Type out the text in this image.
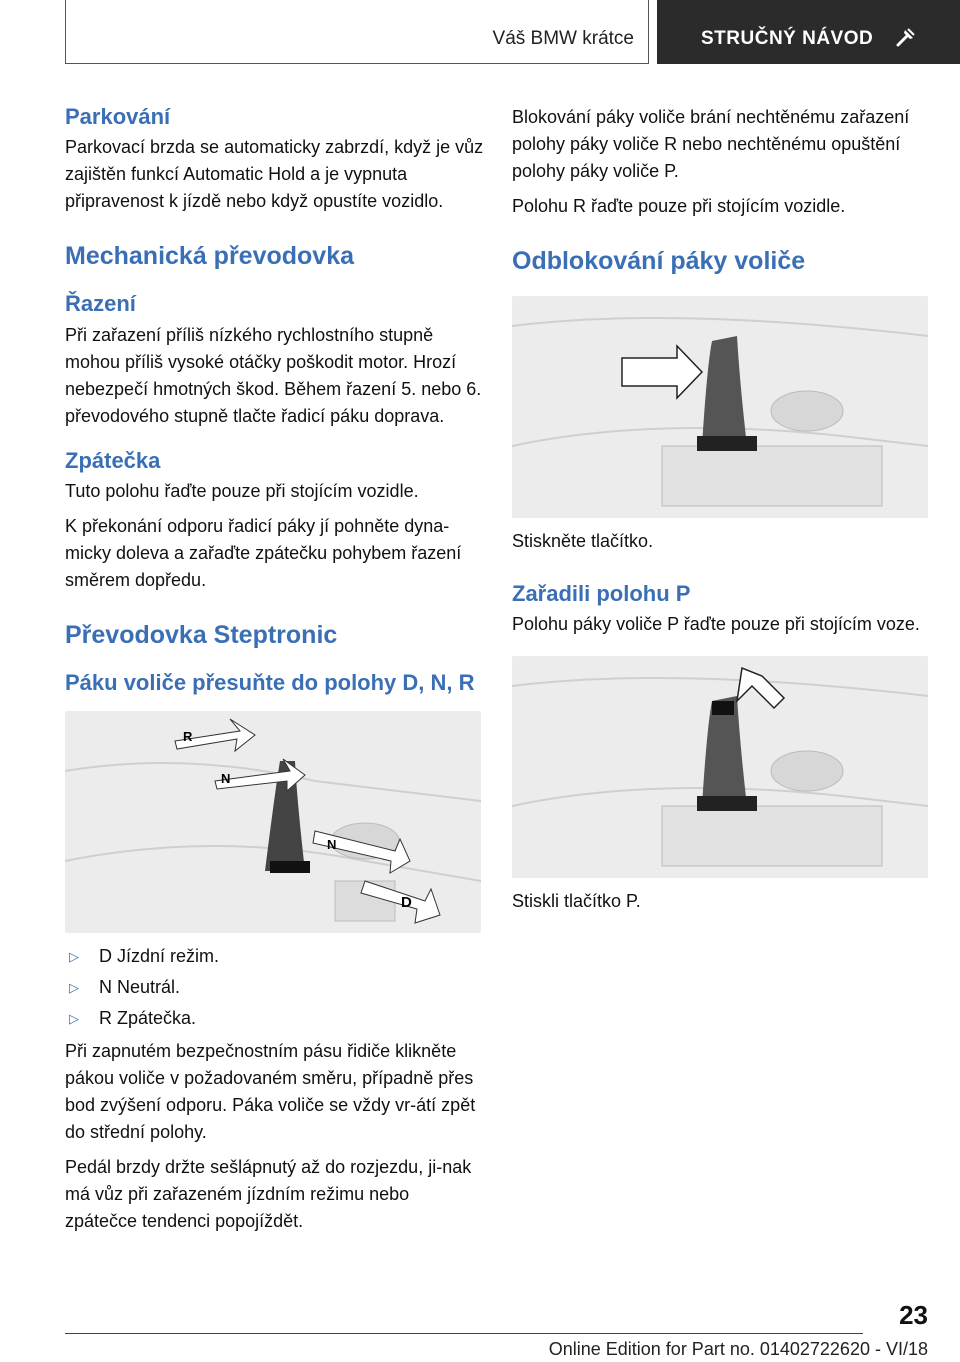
Váš BMW krátce	STRUČNÝ NÁVOD
Parkování

Parkovací brzda se automaticky zabrzdí, když je vůz zajištěn funkcí Automatic Hold a je vypnuta připravenost k jízdě nebo když opustíte vozidlo.

Mechanická převodovka
Řazení

Při zařazení příliš nízkého rychlostního stupně mohou příliš vysoké otáčky poškodit motor. Hrozí nebezpečí hmotných škod. Během řazení 5. nebo 6. převodového stupně tlačte řadicí páku doprava.

Zpátečka

Tuto polohu řaďte pouze při stojícím vozidle.

K překonání odporu řadicí páky jí pohněte dyna-micky doleva a zařaďte zpátečku pohybem řazení směrem dopředu.

Převodovka Steptronic
Páku voliče přesuňte do polohy D, N, R
R
N
N
D
▷	D Jízdní režim.
▷	N Neutrál.
▷	R Zpátečka.

Při zapnutém bezpečnostním pásu řidiče klikněte pákou voliče v požadovaném směru, případně přes bod zvýšení odporu. Páka voliče se vždy vr-átí zpět do střední polohy.

Pedál brzdy držte sešlápnutý až do rozjezdu, ji-nak má vůz při zařazeném jízdním režimu nebo zpátečce tendenci popojíždět.

Blokování páky voliče brání nechtěnému zařazení polohy páky voliče R nebo nechtěnému opuštění polohy páky voliče P.

Polohu R řaďte pouze při stojícím vozidle.

Odblokování páky voliče

Stiskněte tlačítko.

Zařadili polohu P

Polohu páky voliče P řaďte pouze při stojícím voze.

Stiskli tlačítko P.

23
Online Edition for Part no. 01402722620 - VI/18
